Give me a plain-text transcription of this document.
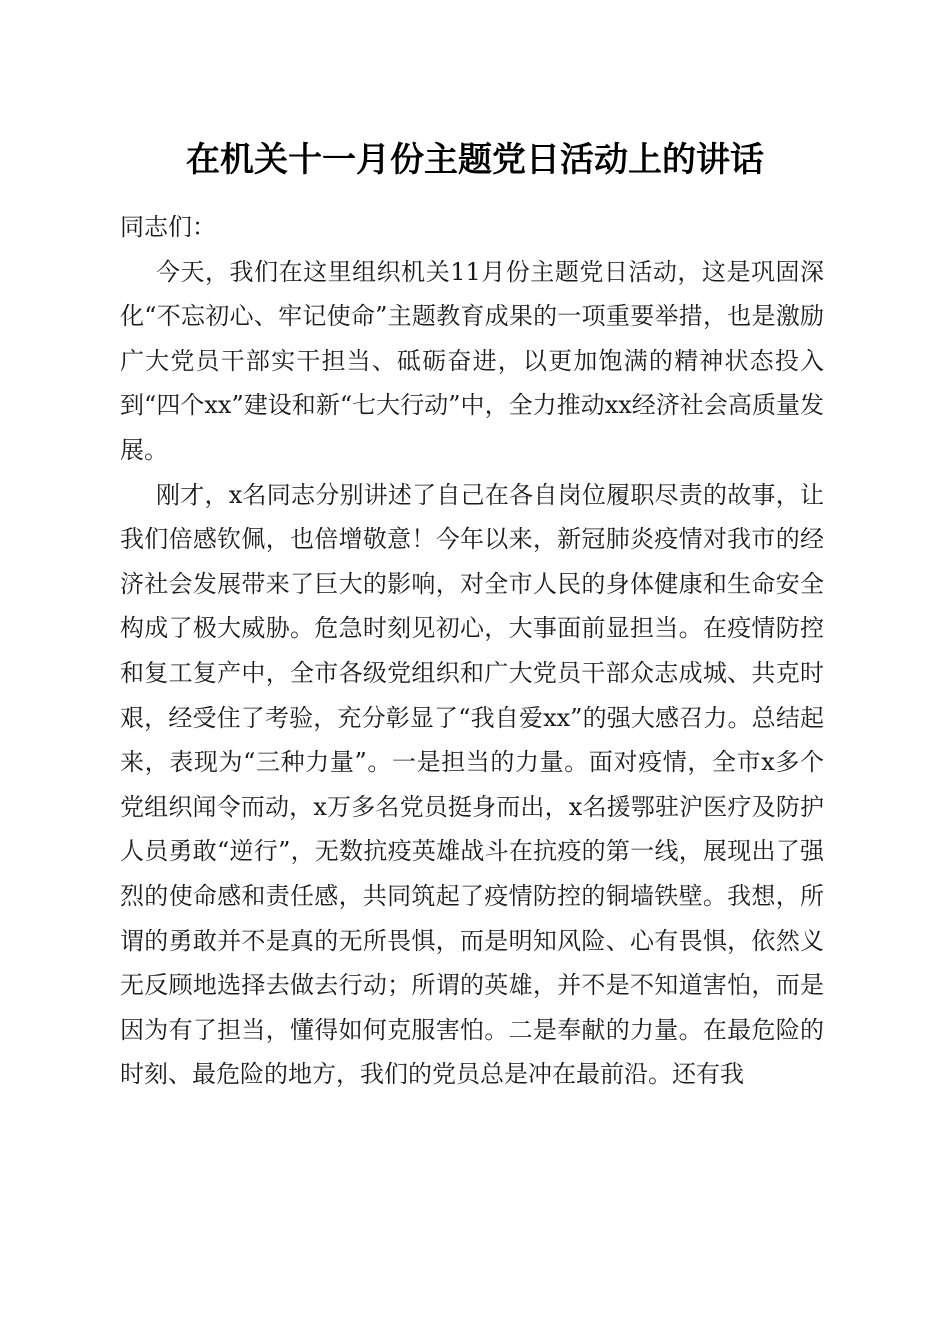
在机关十一月份主题党日活动上的讲话

同志们：

今天，我们在这里组织机关11月份主题党日活动，这是巩固深化“不忘初心、牢记使命”主题教育成果的一项重要举措，也是激励广大党员干部实干担当、砥砺奋进，以更加饱满的精神状态投入到“四个xx”建设和新“七大行动”中，全力推动xx经济社会高质量发展。

刚才，x名同志分别讲述了自己在各自岗位履职尽责的故事，让我们倍感钦佩，也倍增敬意！今年以来，新冠肺炎疫情对我市的经济社会发展带来了巨大的影响，对全市人民的身体健康和生命安全构成了极大威胁。危急时刻见初心，大事面前显担当。在疫情防控和复工复产中，全市各级党组织和广大党员干部众志成城、共克时艰，经受住了考验，充分彰显了“我自爱xx”的强大感召力。总结起来，表现为“三种力量”。一是担当的力量。面对疫情，全市x多个党组织闻令而动，x万多名党员挺身而出，x名援鄂驻沪医疗及防护人员勇敢“逆行”，无数抗疫英雄战斗在抗疫的第一线，展现出了强烈的使命感和责任感，共同筑起了疫情防控的铜墙铁壁。我想，所谓的勇敢并不是真的无所畏惧，而是明知风险、心有畏惧，依然义无反顾地选择去做去行动；所谓的英雄，并不是不知道害怕，而是因为有了担当，懂得如何克服害怕。二是奉献的力量。在最危险的时刻、最危险的地方，我们的党员总是冲在最前沿。还有我
